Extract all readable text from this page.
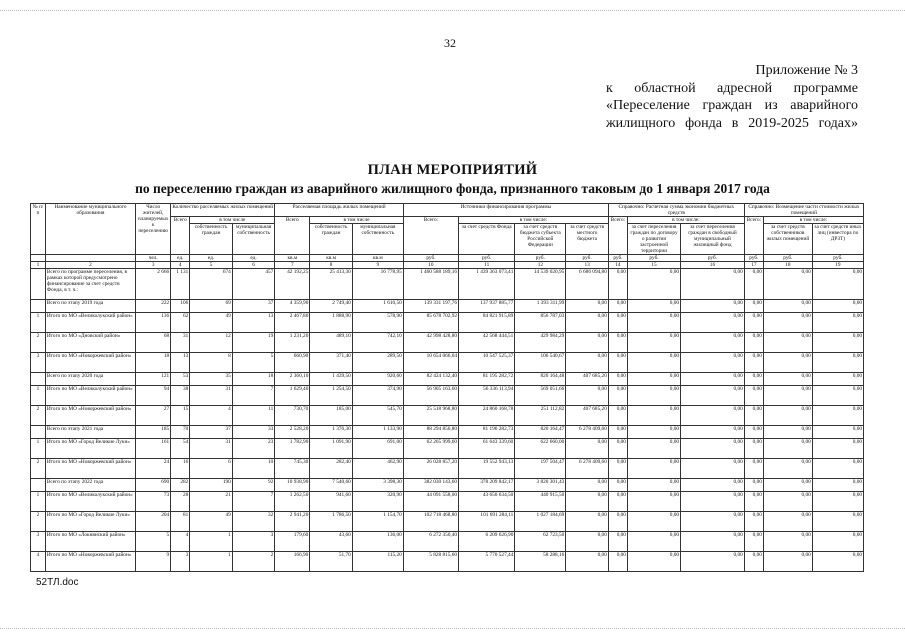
32
Приложение № 3
к областной адресной программе
«Переселение граждан из аварийного
жилищного фонда в 2019-2025 годах»
ПЛАН МЕРОПРИЯТИЙ
по переселению граждан из аварийного жилищного фонда, признанного таковым до 1 января 2017 года
№ п/п	Наименование муниципального образования	Число жителей, планируемых к переселению	Количество расселяемых жилых помещений			Расселяемая площадь жилых помещений			Источники финансирования программы				Справочно: Расчетная сумма экономии бюджетных средств			Справочно: Возмещение части стоимости жилых помещений		
			Всего	в том числе		Всего	в том числе		Всего:	в том числе:			Всего:	в том числе:		Всего:	в том числе:	
				собственность граждан	муниципальная собственность		собственность граждан	муниципальная собственность		за счет средств Фонда	за счет средств бюджета субъекта Российской Федерации	за счет средств местного бюджета		за счет переселения граждан по договору о развитии застроенной территории	за счет переселения граждан в свободный муниципальный жилищный фонд		за счет средств собственников жилых помещений	за счет средств иных лиц (инвестора по ДРЗТ)

		чел.	ед.	ед.	ед.	кв.м	кв.м	кв.м	руб.	руб.	руб.	руб.	руб.	руб.	руб.	руб.	руб.	руб.
1	2	3	4	5	6	7	8	9	10	11	12	13	14	15	16	17	18	19
	Всего по программе переселения, в рамках которой предусмотрено финансирование за счет средств Фонда, в т. ч.:	2 666	1 131	674	457	42 192,25	25 413,30	16 778,95	1 460 588 189,16	1 439 363 073,41	14 539 020,95	6 686 094,80	0,00	0,00	0,00	0,00	0,00	0,00
	Всего по этапу 2019 года	222	106	69	37	4 359,90	2 749,40	1 610,50	139 331 197,76	137 937 885,77	1 393 311,99	0,00	0,00	0,00	0,00	0,00	0,00	0,00
1	Итого по МО «Великолукский район»	136	62	49	13	2 467,80	1 888,90	578,90	85 678 702,92	84 821 915,89	856 787,03	0,00	0,00	0,00	0,00	0,00	0,00	0,00
2	Итого по МО «Дновский район»	68	31	12	19	1 231,20	489,10	742,10	42 998 428,80	42 568 444,51	429 984,29	0,00	0,00	0,00	0,00	0,00	0,00	0,00
3	Итого по МО «Новоржевский район»	18	13	8	5	660,90	371,40	289,50	10 654 066,04	10 547 525,37	106 540,67	0,00	0,00	0,00	0,00	0,00	0,00	0,00
	Всего по этапу 2020 года	121	53	35	18	2 360,10	1 439,50	920,60	82 424 132,40	81 195 282,72	820 164,48	407 685,20	0,00	0,00	0,00	0,00	0,00	0,00
1	Итого по МО «Великолукский район»	94	38	31	7	1 629,40	1 254,50	374,90	56 905 163,60	56 336 113,94	569 051,66	0,00	0,00	0,00	0,00	0,00	0,00	0,00
2	Итого по МО «Новоржевский район»	27	15	4	11	730,70	185,00	545,70	25 518 968,80	24 860 168,78	251 112,82	407 685,20	0,00	0,00	0,00	0,00	0,00	0,00
	Всего по этапу 2021 года	185	70	37	33	2 528,20	1 376,30	1 133,90	88 294 856,80	81 196 282,73	820 164,47	6 278 409,60	0,00	0,00	0,00	0,00	0,00	0,00
1	Итого по МО «Город Великие Луки»	161	54	31	23	1 782,90	1 091,90	691,00	62 265 999,60	61 643 339,60	622 660,00	0,00	0,00	0,00	0,00	0,00	0,00	0,00
2	Итого по МО «Новоржевский район»	24	16	6	10	745,30	282,40	462,90	26 028 857,20	19 552 943,13	197 504,47	6 278 409,60	0,00	0,00	0,00	0,00	0,00	0,00
	Всего по этапу 2022 года	690	282	190	92	10 938,90	7 540,60	3 398,30	382 030 143,60	378 209 842,17	3 820 301,43	0,00	0,00	0,00	0,00	0,00	0,00	0,00
1	Итого по МО «Великолукский район»	73	28	21	7	1 262,50	941,60	320,90	44 091 558,00	43 650 634,50	440 915,50	0,00	0,00	0,00	0,00	0,00	0,00	0,00
2	Итого по МО «Город Великие Луки»	204	81	49	32	2 941,20	1 786,50	1 154,70	102 718 468,80	101 691 284,11	1 027 184,69	0,00	0,00	0,00	0,00	0,00	0,00	0,00
3	Итого по МО «Локнянский район»	5	4	1	3	179,60	43,60	136,00	6 272 350,40	6 209 626,90	62 723,50	0,00	0,00	0,00	0,00	0,00	0,00	0,00
4	Итого по МО «Новоржевский район»	9	3	1	2	166,90	51,70	115,20	5 828 815,60	5 770 527,44	58 288,16	0,00	0,00	0,00	0,00	0,00	0,00	0,00
52ТЛ.doc
